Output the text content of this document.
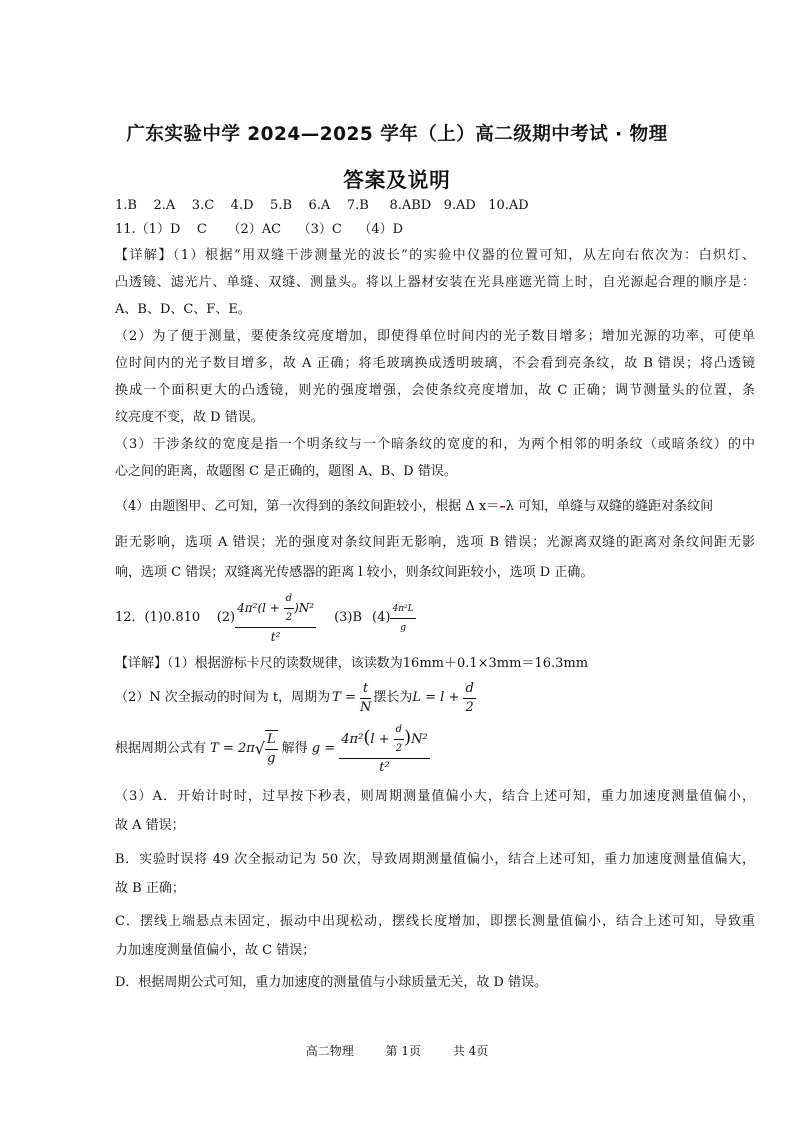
广东实验中学 2024—2025 学年（上）高二级期中考试 · 物理
答案及说明
1.B    2.A    3.C    4.D    5.B    6.A    7.B     8.ABD   9.AD   10.AD
11.（1）D    C     （2）AC    （3）C    （4）D
【详解】（1）根据“用双缝干涉测量光的波长”的实验中仪器的位置可知，从左向右依次为：白炽灯、
凸透镜、滤光片、单缝、双缝、测量头。将以上器材安装在光具座遮光筒上时，自光源起合理的顺序是：
A、B、D、C、F、E。
（2）为了便于测量，要使条纹亮度增加，即使得单位时间内的光子数目增多；增加光源的功率，可使单
位时间内的光子数目增多，故 A 正确；将毛玻璃换成透明玻璃，不会看到亮条纹，故 B 错误；将凸透镜
换成一个面积更大的凸透镜，则光的强度增强，会使条纹亮度增加，故 C 正确；调节测量头的位置，条
纹亮度不变，故 D 错误。
（3）干涉条纹的宽度是指一个明条纹与一个暗条纹的宽度的和，为两个相邻的明条纹（或暗条纹）的中
心之间的距离，故题图 C 是正确的，题图 A、B、D 错误。
（4）由题图甲、乙可知，第一次得到的条纹间距较小，根据 Δ x＝–λ 可知，单缝与双缝的缝距对条纹间
距无影响，选项 A 错误；光的强度对条纹间距无影响，选项 B 错误；光源离双缝的距离对条纹间距无影
响，选项 C 错误；双缝离光传感器的距离 l 较小，则条纹间距较小，选项 D 正确。
12．(1)0.810    $(2) \frac{4\pi^2(l + \frac{d}{2} )N^2}{\text{t²}} (3)B$ $(4) \frac{\text{4π²L}}{g}$
【详解】（1）根据游标卡尺的读数规律，该读数为16mm＋0.1×3mm＝16.3mm
（2）N 次全振动的时间为 t，周期为 $T = \frac{t}{N}$ 摆长为 $L = l + \frac{d}{2}$
根据周期公式有 T = 2π √ $\frac{L}{g}$ 解得 $g = \frac{4\pi^2(l + \frac{d}{2} )N^2}{\text{t²}}$
（3）A．开始计时时，过早按下秒表，则周期测量值偏小大，结合上述可知，重力加速度测量值偏小，
故 A 错误；
B．实验时误将 49 次全振动记为 50 次，导致周期测量值偏小，结合上述可知，重力加速度测量值偏大，
故 B 正确；
C．摆线上端悬点未固定，振动中出现松动，摆线长度增加，即摆长测量值偏小，结合上述可知，导致重
力加速度测量值偏小，故 C 错误；
D．根据周期公式可知，重力加速度的测量值与小球质量无关，故 D 错误。
高二物理	第 1页	共 4页
